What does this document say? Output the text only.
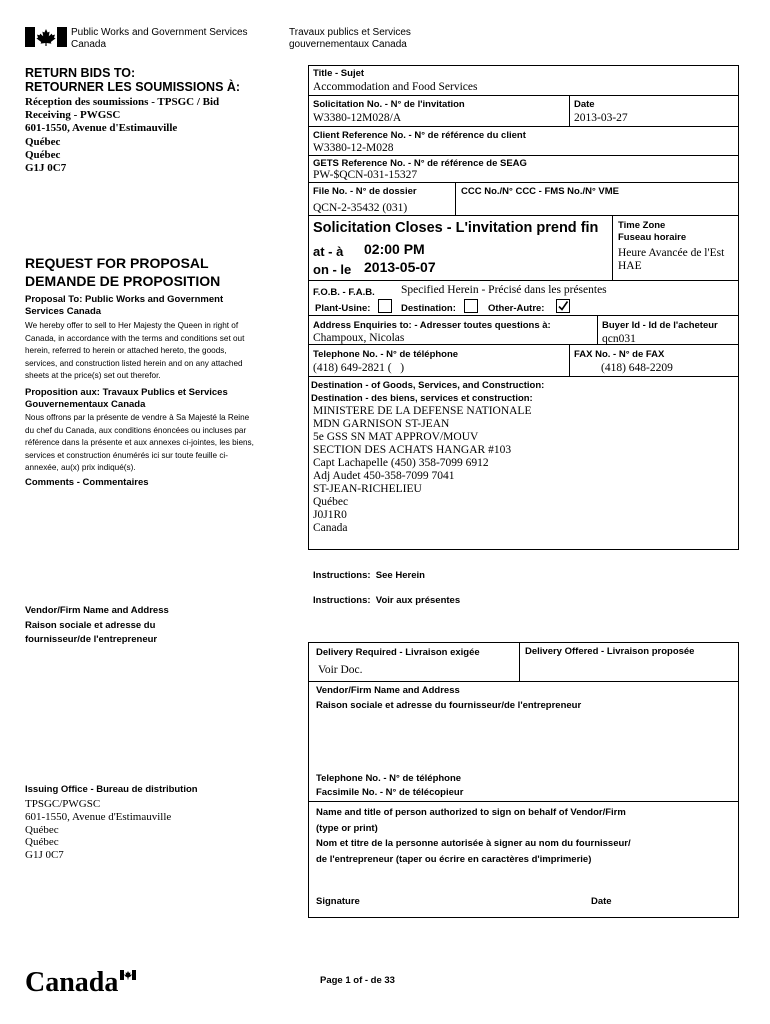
Public Works and Government Services
Canada
Travaux publics et Services
gouvernementaux Canada
RETURN BIDS TO:
RETOURNER LES SOUMISSIONS À:
Réception des soumissions - TPSGC / Bid
Receiving - PWGSC
601-1550, Avenue d'Estimauville
Québec
Québec
G1J 0C7
REQUEST FOR PROPOSAL
DEMANDE DE PROPOSITION
Proposal To: Public Works and Government Services Canada
We hereby offer to sell to Her Majesty the Queen in right of Canada, in accordance with the terms and conditions set out herein, referred to herein or attached hereto, the goods, services, and construction listed herein and on any attached sheets at the price(s) set out therefor.
Proposition aux: Travaux Publics et Services Gouvernementaux Canada
Nous offrons par la présente de vendre à Sa Majesté la Reine du chef du Canada, aux conditions énoncées ou incluses par référence dans la présente et aux annexes ci-jointes, les biens, services et construction énumérés ici sur toute feuille ci-annexée, au(x) prix indiqué(s).
Comments - Commentaires
Vendor/Firm Name and Address
Raison sociale et adresse du
fournisseur/de l'entrepreneur
Issuing Office - Bureau de distribution
TPSGC/PWGSC
601-1550, Avenue d'Estimauville
Québec
Québec
G1J 0C7
Title - Sujet
Accommodation and Food Services
Solicitation No. - N° de l'invitation
W3380-12M028/A
Date
2013-03-27
Client Reference No. - N° de référence du client
W3380-12-M028
GETS Reference No. - N° de référence de SEAG
PW-$QCN-031-15327
File No. - N° de dossier
QCN-2-35432 (031)
CCC No./N° CCC - FMS No./N° VME
Solicitation Closes - L'invitation prend fin
at - à 02:00 PM
on - le 2013-05-07
Time Zone
Fuseau horaire
Heure Avancée de l'Est
HAE
F.O.B. - F.A.B. Specified Herein - Précisé dans les présentes
Plant-Usine:	Destination:	Other-Autre:
Address Enquiries to: - Adresser toutes questions à:
Champoux, Nicolas
Buyer Id - Id de l'acheteur
qcn031
Telephone No. - N° de téléphone
(418) 649-2821 (   )
FAX No. - N° de FAX
(418) 648-2209
Destination - of Goods, Services, and Construction:
Destination - des biens, services et construction:
MINISTERE DE LA DEFENSE NATIONALE
MDN GARNISON ST-JEAN
5e GSS SN MAT APPROV/MOUV
SECTION DES ACHATS HANGAR #103
Capt Lachapelle (450) 358-7099 6912
Adj Audet 450-358-7099 7041
ST-JEAN-RICHELIEU
Québec
J0J1R0
Canada
Instructions:  See Herein
Instructions:  Voir aux présentes
Delivery Required - Livraison exigée
Voir Doc.
Delivery Offered - Livraison proposée
Vendor/Firm Name and Address
Raison sociale et adresse du fournisseur/de l'entrepreneur
Telephone No. - N° de téléphone
Facsimile No. - N° de télécopieur
Name and title of person authorized to sign on behalf of Vendor/Firm
(type or print)
Nom et titre de la personne autorisée à signer au nom du fournisseur/
de l'entrepreneur (taper ou écrire en caractères d'imprimerie)
Signature	Date
Canada	Page 1 of - de 33
